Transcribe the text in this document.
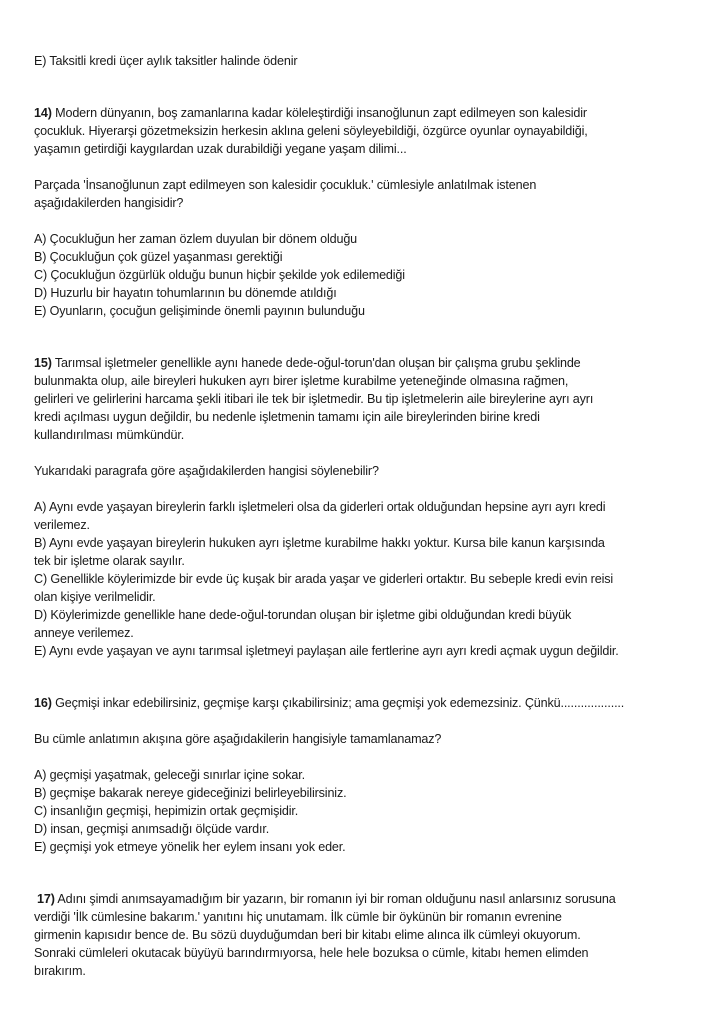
E) Taksitli kredi üçer aylık taksitler halinde ödenir

14) Modern dünyanın, boş zamanlarına kadar köleleştirdiği insanoğlunun zapt edilmeyen son kalesidir

çocukluk. Hiyerarşi gözetmeksizin herkesin aklına geleni söyleyebildiği, özgürce oyunlar oynayabildiği,

yaşamın getirdiği kaygılardan uzak durabildiği yegane yaşam dilimi...

Parçada 'İnsanoğlunun zapt edilmeyen son kalesidir çocukluk.' cümlesiyle anlatılmak istenen

aşağıdakilerden hangisidir?

A) Çocukluğun her zaman özlem duyulan bir dönem olduğu

B) Çocukluğun çok güzel yaşanması gerektiği

C) Çocukluğun özgürlük olduğu bunun hiçbir şekilde yok edilemediği

D) Huzurlu bir hayatın tohumlarının bu dönemde atıldığı

E) Oyunların, çocuğun gelişiminde önemli payının bulunduğu

15) Tarımsal işletmeler genellikle aynı hanede dede-oğul-torun'dan oluşan bir çalışma grubu şeklinde

bulunmakta olup, aile bireyleri hukuken ayrı birer işletme kurabilme yeteneğinde olmasına rağmen,

gelirleri ve gelirlerini harcama şekli itibari ile tek bir işletmedir. Bu tip işletmelerin aile bireylerine ayrı ayrı

kredi açılması uygun değildir, bu nedenle işletmenin tamamı için aile bireylerinden birine kredi

kullandırılması mümkündür.

Yukarıdaki paragrafa göre aşağıdakilerden hangisi söylenebilir?

A) Aynı evde yaşayan bireylerin farklı işletmeleri olsa da giderleri ortak olduğundan hepsine ayrı ayrı kredi

verilemez.

B) Aynı evde yaşayan bireylerin hukuken ayrı işletme kurabilme hakkı yoktur. Kursa bile kanun karşısında

tek bir işletme olarak sayılır.

C) Genellikle köylerimizde bir evde üç kuşak bir arada yaşar ve giderleri ortaktır. Bu sebeple kredi evin reisi

olan kişiye verilmelidir.

D) Köylerimizde genellikle hane dede-oğul-torundan oluşan bir işletme gibi olduğundan kredi büyük

anneye verilemez.

E) Aynı evde yaşayan ve aynı tarımsal işletmeyi paylaşan aile fertlerine ayrı ayrı kredi açmak uygun değildir.

16) Geçmişi inkar edebilirsiniz, geçmişe karşı çıkabilirsiniz; ama geçmişi yok edemezsiniz. Çünkü...................

Bu cümle anlatımın akışına göre aşağıdakilerin hangisiyle tamamlanamaz?

A) geçmişi yaşatmak, geleceği sınırlar içine sokar.

B) geçmişe bakarak nereye gideceğinizi belirleyebilirsiniz.

C) insanlığın geçmişi, hepimizin ortak geçmişidir.

D) insan, geçmişi anımsadığı ölçüde vardır.

E) geçmişi yok etmeye yönelik her eylem insanı yok eder.

17) Adını şimdi anımsayamadığım bir yazarın, bir romanın iyi bir roman olduğunu nasıl anlarsınız sorusuna

verdiği 'İlk cümlesine bakarım.' yanıtını hiç unutamam. İlk cümle bir öykünün bir romanın evrenine

girmenin kapısıdır bence de. Bu sözü duyduğumdan beri bir kitabı elime alınca ilk cümleyi okuyorum.

Sonraki cümleleri okutacak büyüyü barındırmıyorsa, hele hele bozuksa o cümle, kitabı hemen elimden

bırakırım.
